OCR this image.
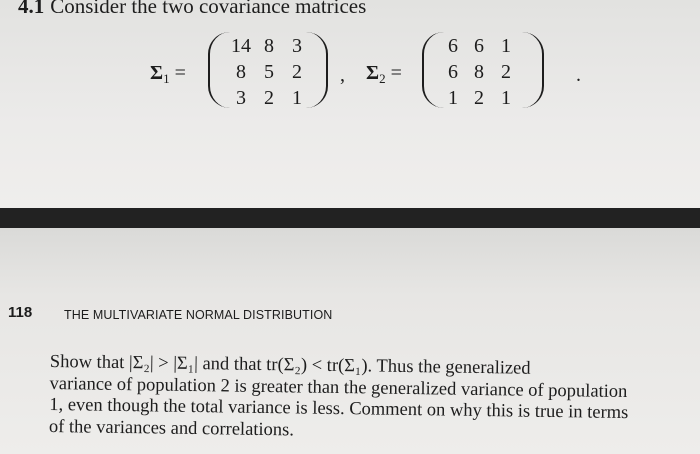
4.1 Consider the two covariance matrices
$\Sigma_1$ =
14 8 3
8 5 2
3 2 1
, $\Sigma_2$ =
6 6 1
6 8 2
1 2 1
.
118	THE MULTIVARIATE NORMAL DISTRIBUTION

Show that |Σ₂| > |Σ₁| and that tr(Σ₂) < tr(Σ₁). Thus the generalized

variance of population 2 is greater than the generalized variance of population

1, even though the total variance is less. Comment on why this is true in terms

of the variances and correlations.
